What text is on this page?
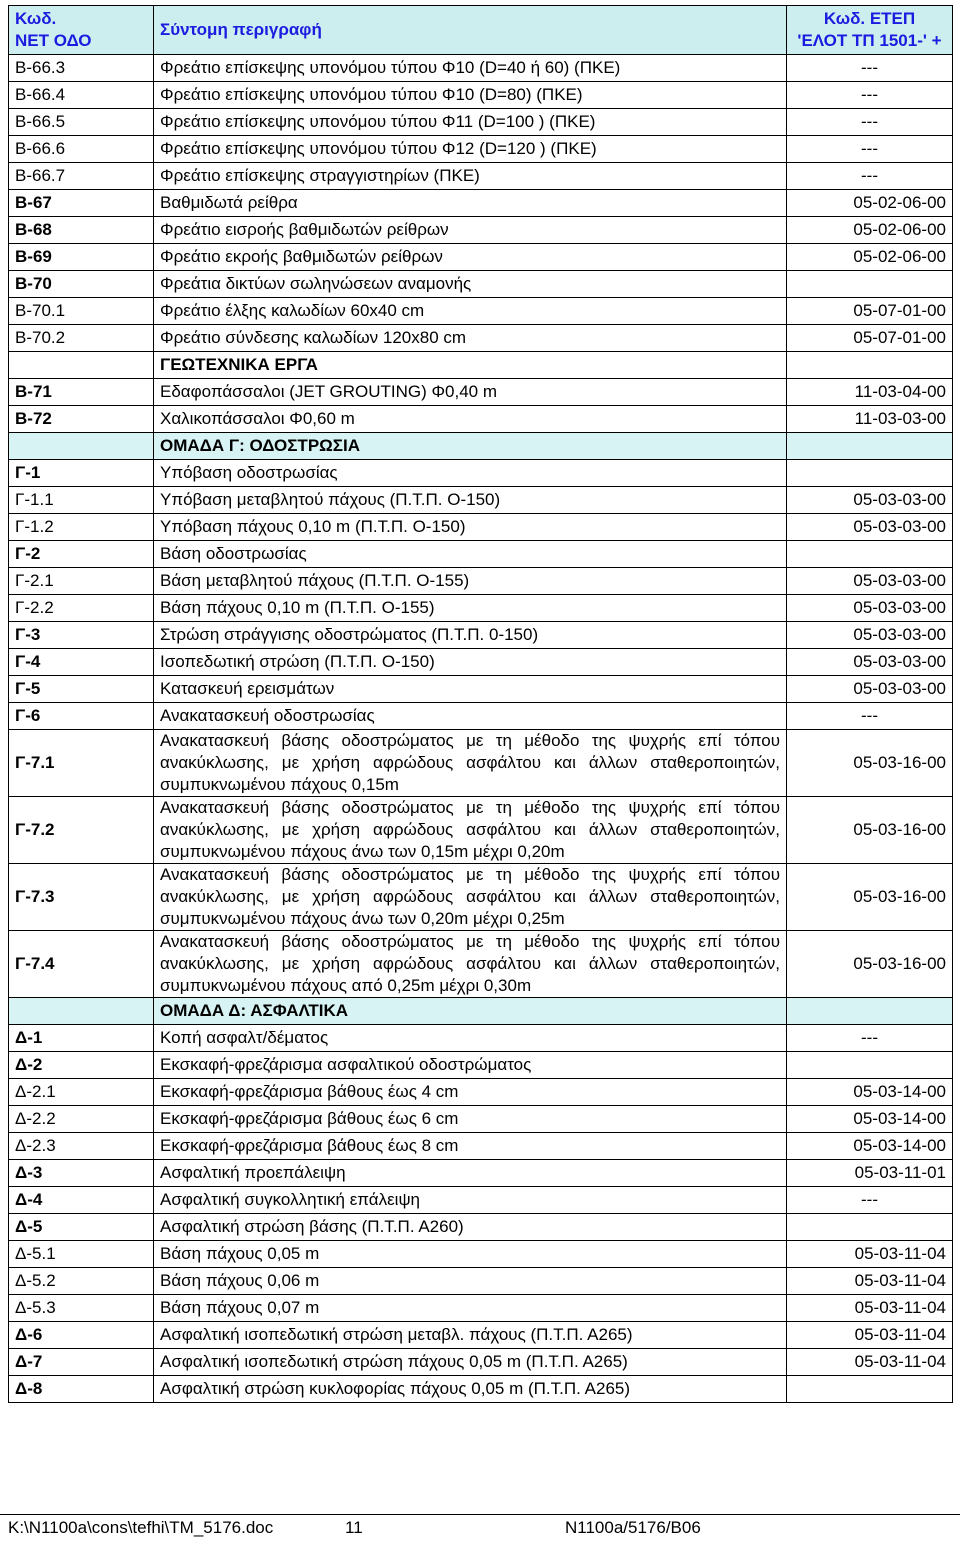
Κωδ.
ΝΕΤ ΟΔΟ	Σύντομη περιγραφή	Κωδ. ΕΤΕΠ
'ΕΛΟΤ ΤΠ 1501-' +
Β-66.3	Φρεάτιο επίσκεψης υπονόμου τύπου Φ10 (D=40 ή 60) (ΠΚΕ)	---
Β-66.4	Φρεάτιο επίσκεψης υπονόμου τύπου Φ10 (D=80) (ΠΚΕ)	---
Β-66.5	Φρεάτιο επίσκεψης υπονόμου τύπου Φ11 (D=100 ) (ΠΚΕ)	---
Β-66.6	Φρεάτιο επίσκεψης υπονόμου τύπου Φ12 (D=120 ) (ΠΚΕ)	---
Β-66.7	Φρεάτιο επίσκεψης στραγγιστηρίων (ΠΚΕ)	---
Β-67	Βαθμιδωτά ρείθρα	05-02-06-00
Β-68	Φρεάτιο εισροής βαθμιδωτών ρείθρων	05-02-06-00
Β-69	Φρεάτιο εκροής βαθμιδωτών ρείθρων	05-02-06-00
Β-70	Φρεάτια δικτύων σωληνώσεων αναμονής	
Β-70.1	Φρεάτιο έλξης καλωδίων 60x40 cm	05-07-01-00
Β-70.2	Φρεάτιο σύνδεσης καλωδίων 120x80 cm	05-07-01-00
	ΓΕΩΤΕΧΝΙΚΑ ΕΡΓΑ	
Β-71	Εδαφοπάσσαλοι (JET GROUTING) Φ0,40 m	11-03-04-00
Β-72	Χαλικοπάσσαλοι Φ0,60 m	11-03-03-00
	ΟΜΑΔΑ Γ: ΟΔΟΣΤΡΩΣΙΑ	
Γ-1	Υπόβαση οδοστρωσίας	
Γ-1.1	Υπόβαση μεταβλητού πάχους (Π.Τ.Π. Ο-150)	05-03-03-00
Γ-1.2	Υπόβαση πάχους 0,10 m (Π.Τ.Π. Ο-150)	05-03-03-00
Γ-2	Βάση οδοστρωσίας	
Γ-2.1	Βάση μεταβλητού πάχους (Π.Τ.Π. Ο-155)	05-03-03-00
Γ-2.2	Βάση πάχους 0,10 m (Π.Τ.Π. Ο-155)	05-03-03-00
Γ-3	Στρώση στράγγισης οδοστρώματος (Π.Τ.Π. 0-150)	05-03-03-00
Γ-4	Ισοπεδωτική στρώση (Π.Τ.Π. Ο-150)	05-03-03-00
Γ-5	Κατασκευή ερεισμάτων	05-03-03-00
Γ-6	Ανακατασκευή οδοστρωσίας	---
Γ-7.1	Ανακατασκευή βάσης οδοστρώματος με τη μέθοδο της ψυχρής επί τόπου ανακύκλωσης, με χρήση αφρώδους ασφάλτου και άλλων σταθεροποιητών, συμπυκνωμένου πάχους 0,15m	05-03-16-00
Γ-7.2	Ανακατασκευή βάσης οδοστρώματος με τη μέθοδο της ψυχρής επί τόπου ανακύκλωσης, με χρήση αφρώδους ασφάλτου και άλλων σταθεροποιητών, συμπυκνωμένου πάχους άνω των 0,15m μέχρι 0,20m	05-03-16-00
Γ-7.3	Ανακατασκευή βάσης οδοστρώματος με τη μέθοδο της ψυχρής επί τόπου ανακύκλωσης, με χρήση αφρώδους ασφάλτου και άλλων σταθεροποιητών, συμπυκνωμένου πάχους άνω των 0,20m μέχρι 0,25m	05-03-16-00
Γ-7.4	Ανακατασκευή βάσης οδοστρώματος με τη μέθοδο της ψυχρής επί τόπου ανακύκλωσης, με χρήση αφρώδους ασφάλτου και άλλων σταθεροποιητών, συμπυκνωμένου πάχους από 0,25m μέχρι 0,30m	05-03-16-00
	ΟΜΑΔΑ Δ: ΑΣΦΑΛΤΙΚΑ	
Δ-1	Κοπή ασφαλτ/δέματος	---
Δ-2	Εκσκαφή-φρεζάρισμα ασφαλτικού οδοστρώματος	
Δ-2.1	Εκσκαφή-φρεζάρισμα βάθους έως 4 cm	05-03-14-00
Δ-2.2	Εκσκαφή-φρεζάρισμα βάθους έως 6 cm	05-03-14-00
Δ-2.3	Εκσκαφή-φρεζάρισμα βάθους έως 8 cm	05-03-14-00
Δ-3	Ασφαλτική προεπάλειψη	05-03-11-01
Δ-4	Ασφαλτική συγκολλητική επάλειψη	---
Δ-5	Ασφαλτική στρώση βάσης (Π.Τ.Π. Α260)	
Δ-5.1	Βάση πάχους 0,05 m	05-03-11-04
Δ-5.2	Βάση πάχους 0,06 m	05-03-11-04
Δ-5.3	Βάση πάχους 0,07 m	05-03-11-04
Δ-6	Ασφαλτική ισοπεδωτική στρώση μεταβλ. πάχους (Π.Τ.Π. Α265)	05-03-11-04
Δ-7	Ασφαλτική ισοπεδωτική στρώση πάχους 0,05 m (Π.Τ.Π. Α265)	05-03-11-04
Δ-8	Ασφαλτική στρώση κυκλοφορίας πάχους 0,05 m (Π.Τ.Π. Α265)	
K:\N1100a\cons\tefhi\TM_5176.doc	11	N1100a/5176/B06
